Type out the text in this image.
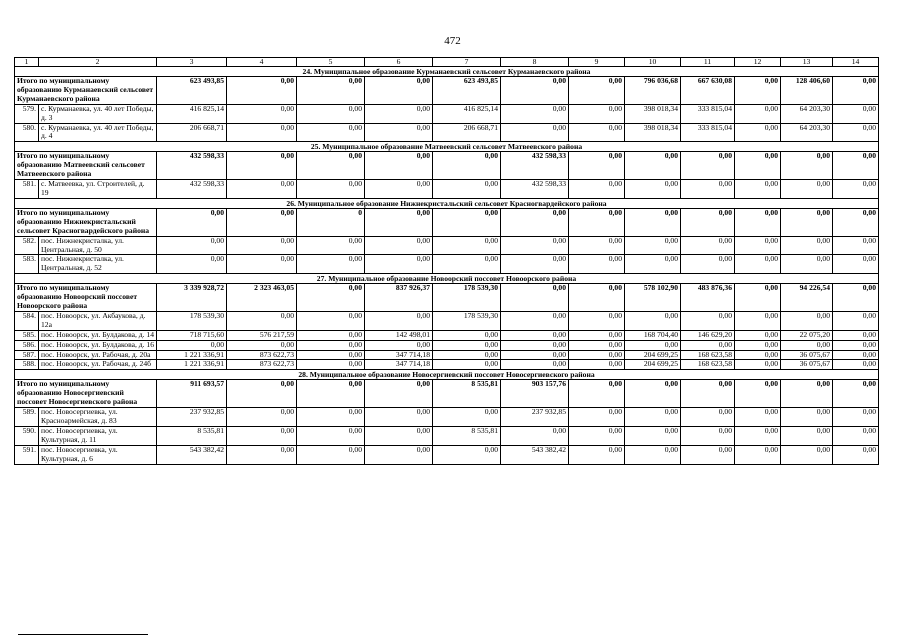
472
1	2	3	4	5	6	7	8	9	10	11	12	13	14
24. Муниципальное образование Курманаевский сельсовет Курманаевского района													
Итого по муниципальному образованию Курманаевский сельсовет Курманаевского района		623 493,85	0,00	0,00	0,00	623 493,85	0,00	0,00	796 036,68	667 630,08	0,00	128 406,60	0,00
579.	с. Курманаевка, ул. 40 лет Победы, д. 3	416 825,14	0,00	0,00	0,00	416 825,14	0,00	0,00	398 018,34	333 815,04	0,00	64 203,30	0,00
580.	с. Курманаевка, ул. 40 лет Победы, д. 4	206 668,71	0,00	0,00	0,00	206 668,71	0,00	0,00	398 018,34	333 815,04	0,00	64 203,30	0,00
25. Муниципальное образование Матвеевский сельсовет Матвеевского района													
Итого по муниципальному образованию Матвеевский сельсовет Матвеевского района		432 598,33	0,00	0,00	0,00	0,00	432 598,33	0,00	0,00	0,00	0,00	0,00	0,00
581.	с. Матвеевка, ул. Строителей, д. 19	432 598,33	0,00	0,00	0,00	0,00	432 598,33	0,00	0,00	0,00	0,00	0,00	0,00
26. Муниципальное образование Нижнекристальский сельсовет Красногвардейского района													
Итого по муниципальному образованию Нижнекристальский сельсовет Красногвардейского района		0,00	0,00	0	0,00	0,00	0,00	0,00	0,00	0,00	0,00	0,00	0,00
582.	пос. Нижнекристалка, ул. Центральная, д. 50	0,00	0,00	0,00	0,00	0,00	0,00	0,00	0,00	0,00	0,00	0,00	0,00
583.	пос. Нижнекристалка, ул. Центральная, д. 52	0,00	0,00	0,00	0,00	0,00	0,00	0,00	0,00	0,00	0,00	0,00	0,00
27. Муниципальное образование Новоорский поссовет Новоорского района													
Итого по муниципальному образованию Новоорский поссовет Новоорского района		3 339 928,72	2 323 463,05	0,00	837 926,37	178 539,30	0,00	0,00	578 102,90	483 876,36	0,00	94 226,54	0,00
584.	пос. Новоорск, ул. Акбаукова, д. 12а	178 539,30	0,00	0,00	0,00	178 539,30	0,00	0,00	0,00	0,00	0,00	0,00	0,00
585.	пос. Новоорск, ул. Булдакова, д. 14	718 715,60	576 217,59	0,00	142 498,01	0,00	0,00	0,00	168 704,40	146 629,20	0,00	22 075,20	0,00
586.	пос. Новоорск, ул. Булдакова, д. 16	0,00	0,00	0,00	0,00	0,00	0,00	0,00	0,00	0,00	0,00	0,00	0,00
587.	пос. Новоорск, ул. Рабочая, д. 20а	1 221 336,91	873 622,73	0,00	347 714,18	0,00	0,00	0,00	204 699,25	168 623,58	0,00	36 075,67	0,00
588.	пос. Новоорск, ул. Рабочая, д. 24б	1 221 336,91	873 622,73	0,00	347 714,18	0,00	0,00	0,00	204 699,25	168 623,58	0,00	36 075,67	0,00
28. Муниципальное образование Новосергиевский поссовет Новосергиевского района													
Итого по муниципальному образованию Новосергиевский поссовет Новосергиевского района		911 693,57	0,00	0,00	0,00	8 535,81	903 157,76	0,00	0,00	0,00	0,00	0,00	0,00
589.	пос. Новосергиевка, ул. Красноармейская, д. 83	237 932,85	0,00	0,00	0,00	0,00	237 932,85	0,00	0,00	0,00	0,00	0,00	0,00
590.	пос. Новосергиевка, ул. Культурная, д. 11	8 535,81	0,00	0,00	0,00	8 535,81	0,00	0,00	0,00	0,00	0,00	0,00	0,00
591.	пос. Новосергиевка, ул. Культурная, д. 6	543 382,42	0,00	0,00	0,00	0,00	543 382,42	0,00	0,00	0,00	0,00	0,00	0,00
